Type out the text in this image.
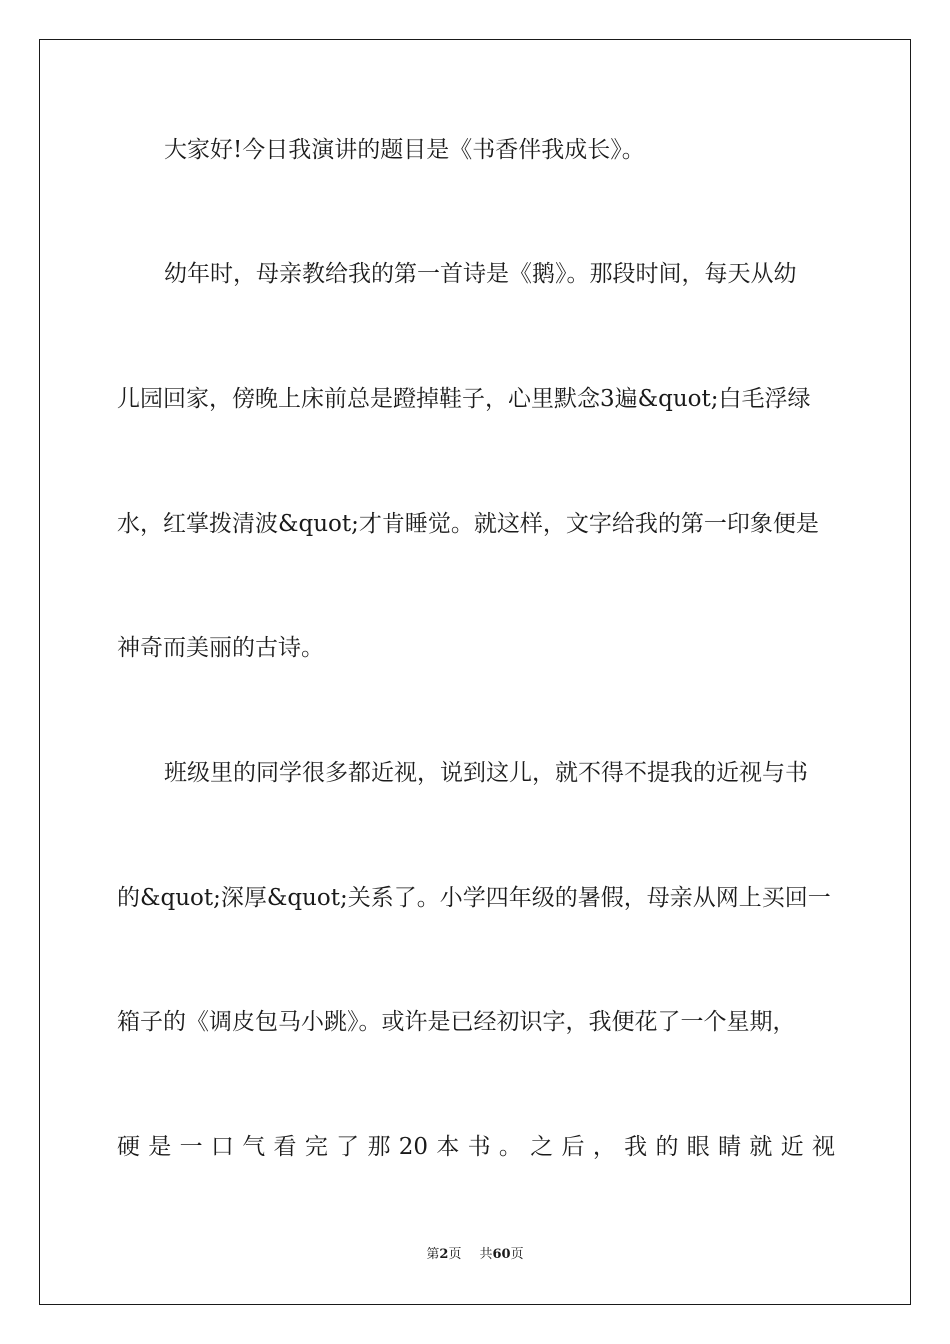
大家好!今日我演讲的题目是《书香伴我成长》。
幼年时，母亲教给我的第一首诗是《鹅》。那段时间，每天从幼
儿园回家，傍晚上床前总是蹬掉鞋子，心里默念3遍&quot;白毛浮绿
水，红掌拨清波&quot;才肯睡觉。就这样，文字给我的第一印象便是
神奇而美丽的古诗。
班级里的同学很多都近视，说到这儿，就不得不提我的近视与书
的&quot;深厚&quot;关系了。小学四年级的暑假，母亲从网上买回一
箱子的《调皮包马小跳》。或许是已经初识字，我便花了一个星期，
硬是一口气看完了那20本书。之后，我的眼睛就近视
第2页 共60页
